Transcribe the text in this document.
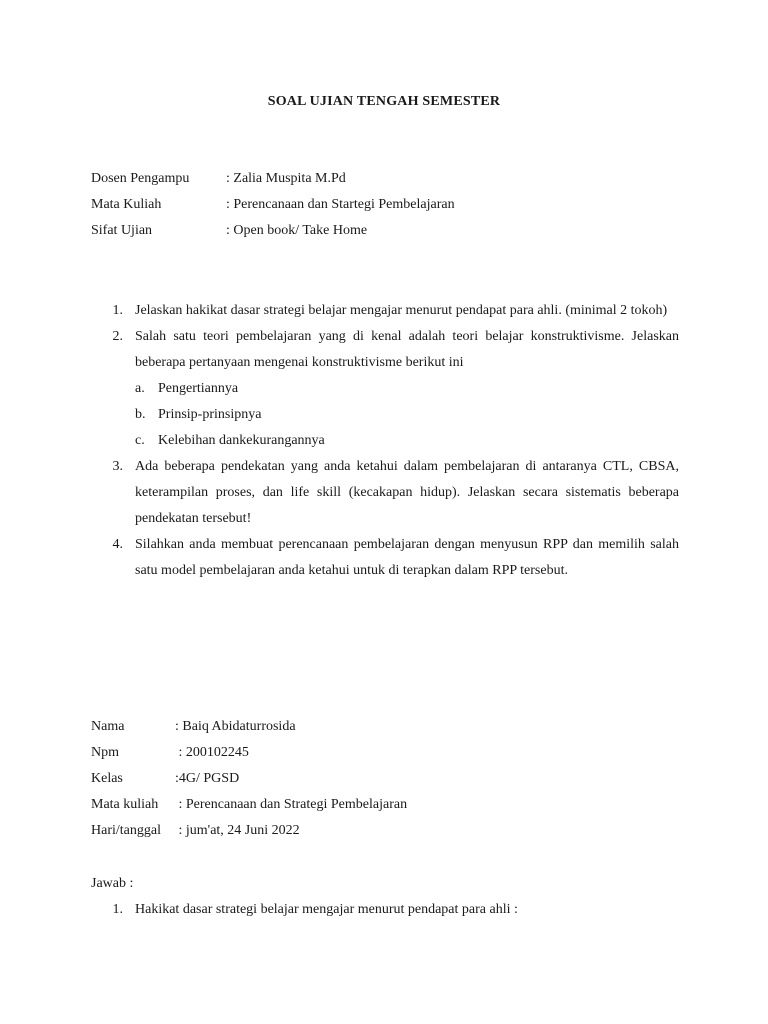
SOAL UJIAN TENGAH SEMESTER
Dosen Pengampu	: Zalia Muspita M.Pd
Mata Kuliah	: Perencanaan dan Startegi Pembelajaran
Sifat Ujian	: Open book/ Take Home
1. Jelaskan hakikat dasar strategi belajar mengajar menurut pendapat para ahli. (minimal 2 tokoh)
2. Salah satu teori pembelajaran yang di kenal adalah teori belajar konstruktivisme. Jelaskan beberapa pertanyaan mengenai konstruktivisme berikut ini
a. Pengertiannya
b. Prinsip-prinsipnya
c. Kelebihan dankekurangannya
3. Ada beberapa pendekatan yang anda ketahui dalam pembelajaran di antaranya CTL, CBSA, keterampilan proses, dan life skill (kecakapan hidup). Jelaskan secara sistematis beberapa pendekatan tersebut!
4. Silahkan anda membuat perencanaan pembelajaran dengan menyusun RPP dan memilih salah satu model pembelajaran anda ketahui untuk di terapkan dalam RPP tersebut.
Nama	: Baiq Abidaturrosida
Npm	: 200102245
Kelas	:4G/ PGSD
Mata kuliah	: Perencanaan dan Strategi Pembelajaran
Hari/tanggal	: jum'at, 24 Juni 2022
Jawab :
1. Hakikat dasar strategi belajar mengajar menurut pendapat para ahli :
